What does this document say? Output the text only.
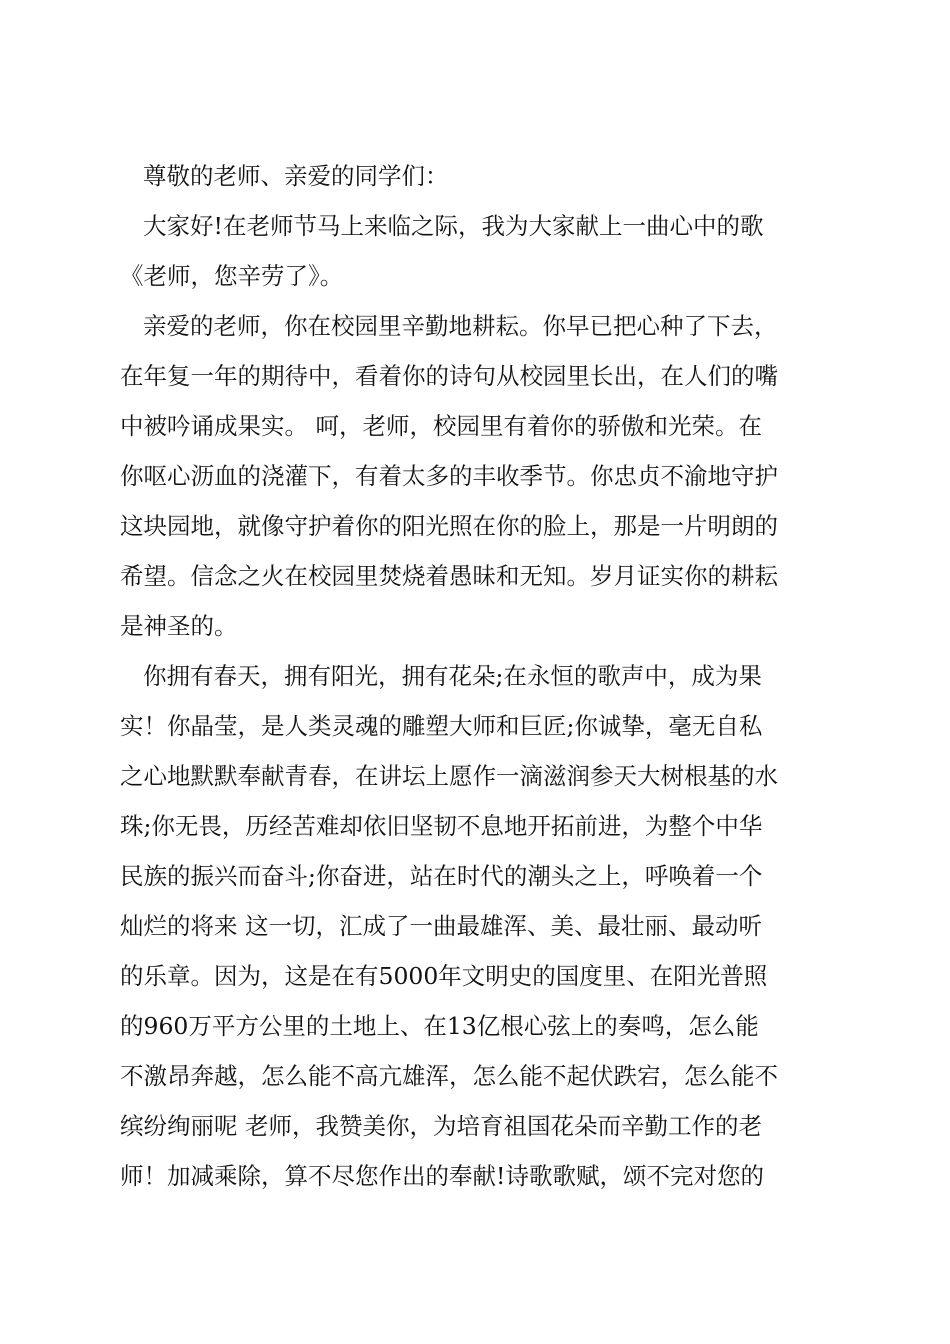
尊敬的老师、亲爱的同学们：
大家好!在老师节马上来临之际，我为大家献上一曲心中的歌
《老师，您辛劳了》。
亲爱的老师，你在校园里辛勤地耕耘。你早已把心种了下去，
在年复一年的期待中，看着你的诗句从校园里长出，在人们的嘴
中被吟诵成果实。 呵，老师，校园里有着你的骄傲和光荣。在
你呕心沥血的浇灌下，有着太多的丰收季节。你忠贞不渝地守护
这块园地，就像守护着你的阳光照在你的脸上，那是一片明朗的
希望。信念之火在校园里焚烧着愚昧和无知。岁月证实你的耕耘
是神圣的。
你拥有春天，拥有阳光，拥有花朵;在永恒的歌声中，成为果
实！你晶莹，是人类灵魂的雕塑大师和巨匠;你诚挚，毫无自私
之心地默默奉献青春，在讲坛上愿作一滴滋润参天大树根基的水
珠;你无畏，历经苦难却依旧坚韧不息地开拓前进，为整个中华
民族的振兴而奋斗;你奋进，站在时代的潮头之上，呼唤着一个
灿烂的将来 这一切，汇成了一曲最雄浑、美、最壮丽、最动听
的乐章。因为，这是在有5000年文明史的国度里、在阳光普照
的960万平方公里的土地上、在13亿根心弦上的奏鸣，怎么能
不激昂奔越，怎么能不高亢雄浑，怎么能不起伏跌宕，怎么能不
缤纷绚丽呢 老师，我赞美你，为培育祖国花朵而辛勤工作的老
师！加减乘除，算不尽您作出的奉献!诗歌歌赋，颂不完对您的
